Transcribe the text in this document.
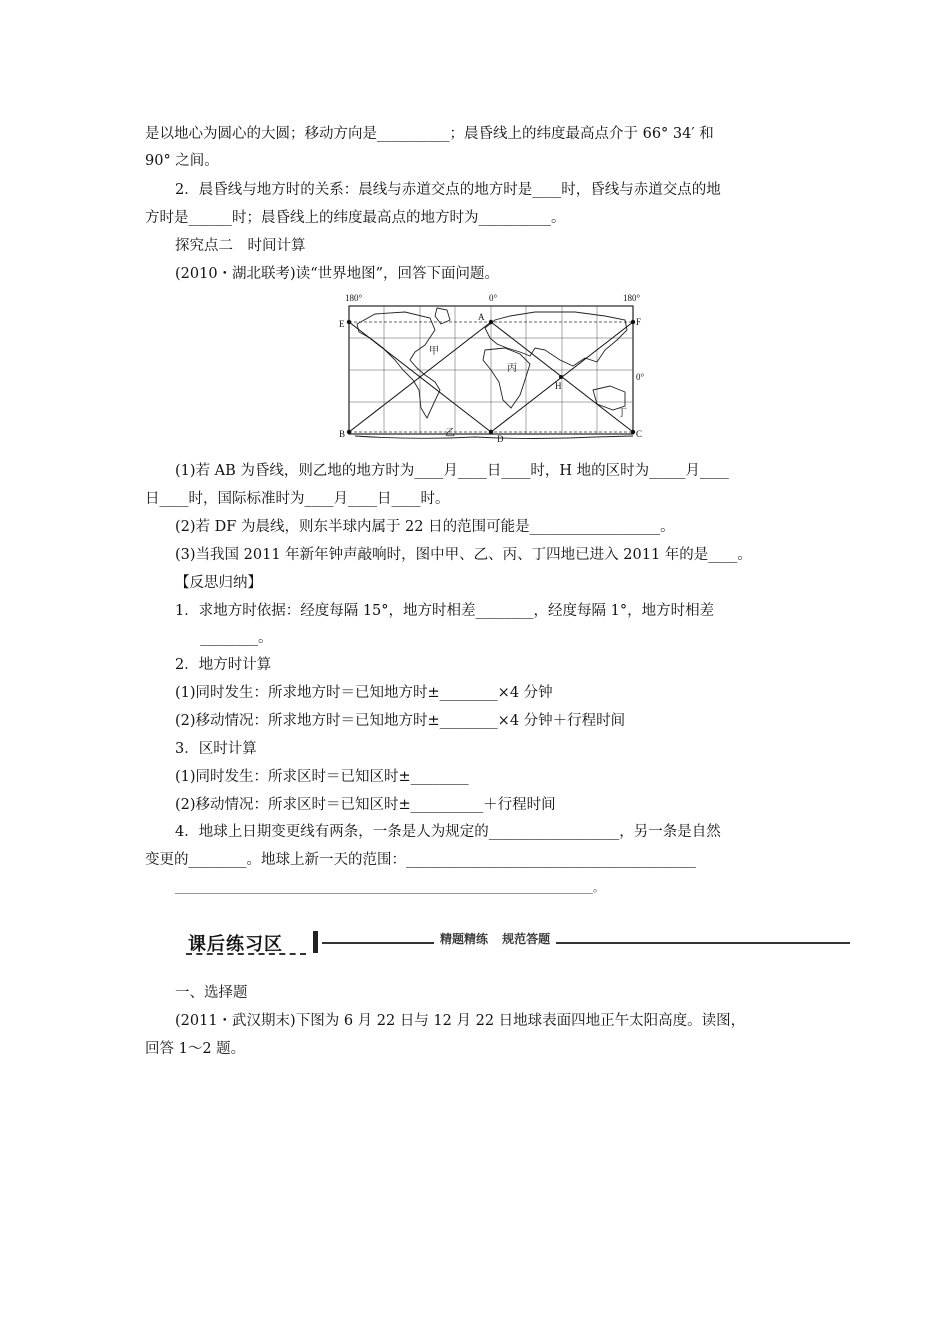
是以地心为圆心的大圆；移动方向是__________；晨昏线上的纬度最高点介于 66° 34′ 和
90° 之间。
2．晨昏线与地方时的关系：晨线与赤道交点的地方时是____时，昏线与赤道交点的地
方时是______时；晨昏线上的纬度最高点的地方时为__________。
探究点二　时间计算
(2010・湖北联考)读“世界地图”，回答下面问题。
180°	0°	180°
E
A	F
B	D	C
H
0°
甲
乙
丙
丁
(1)若 AB 为昏线，则乙地的地方时为____月____日____时，H 地的区时为_____月____
日____时，国际标准时为____月____日____时。
(2)若 DF 为晨线，则东半球内属于 22 日的范围可能是__________________。
(3)当我国 2011 年新年钟声敲响时，图中甲、乙、丙、丁四地已进入 2011 年的是____。
【反思归纳】
1．求地方时依据：经度每隔 15°，地方时相差________，经度每隔 1°，地方时相差
________。
2．地方时计算
(1)同时发生：所求地方时＝已知地方时±________×4 分钟
(2)移动情况：所求地方时＝已知地方时±________×4 分钟＋行程时间
3．区时计算
(1)同时发生：所求区时＝已知区时±________
(2)移动情况：所求区时＝已知区时±__________＋行程时间
4．地球上日期变更线有两条，一条是人为规定的__________________，另一条是自然
变更的________。地球上新一天的范围：________________________________________
____________________________________________________________________________。
课后练习区	精题精练 规范答题
一、选择题
(2011・武汉期末)下图为 6 月 22 日与 12 月 22 日地球表面四地正午太阳高度。读图，
回答 1～2 题。
